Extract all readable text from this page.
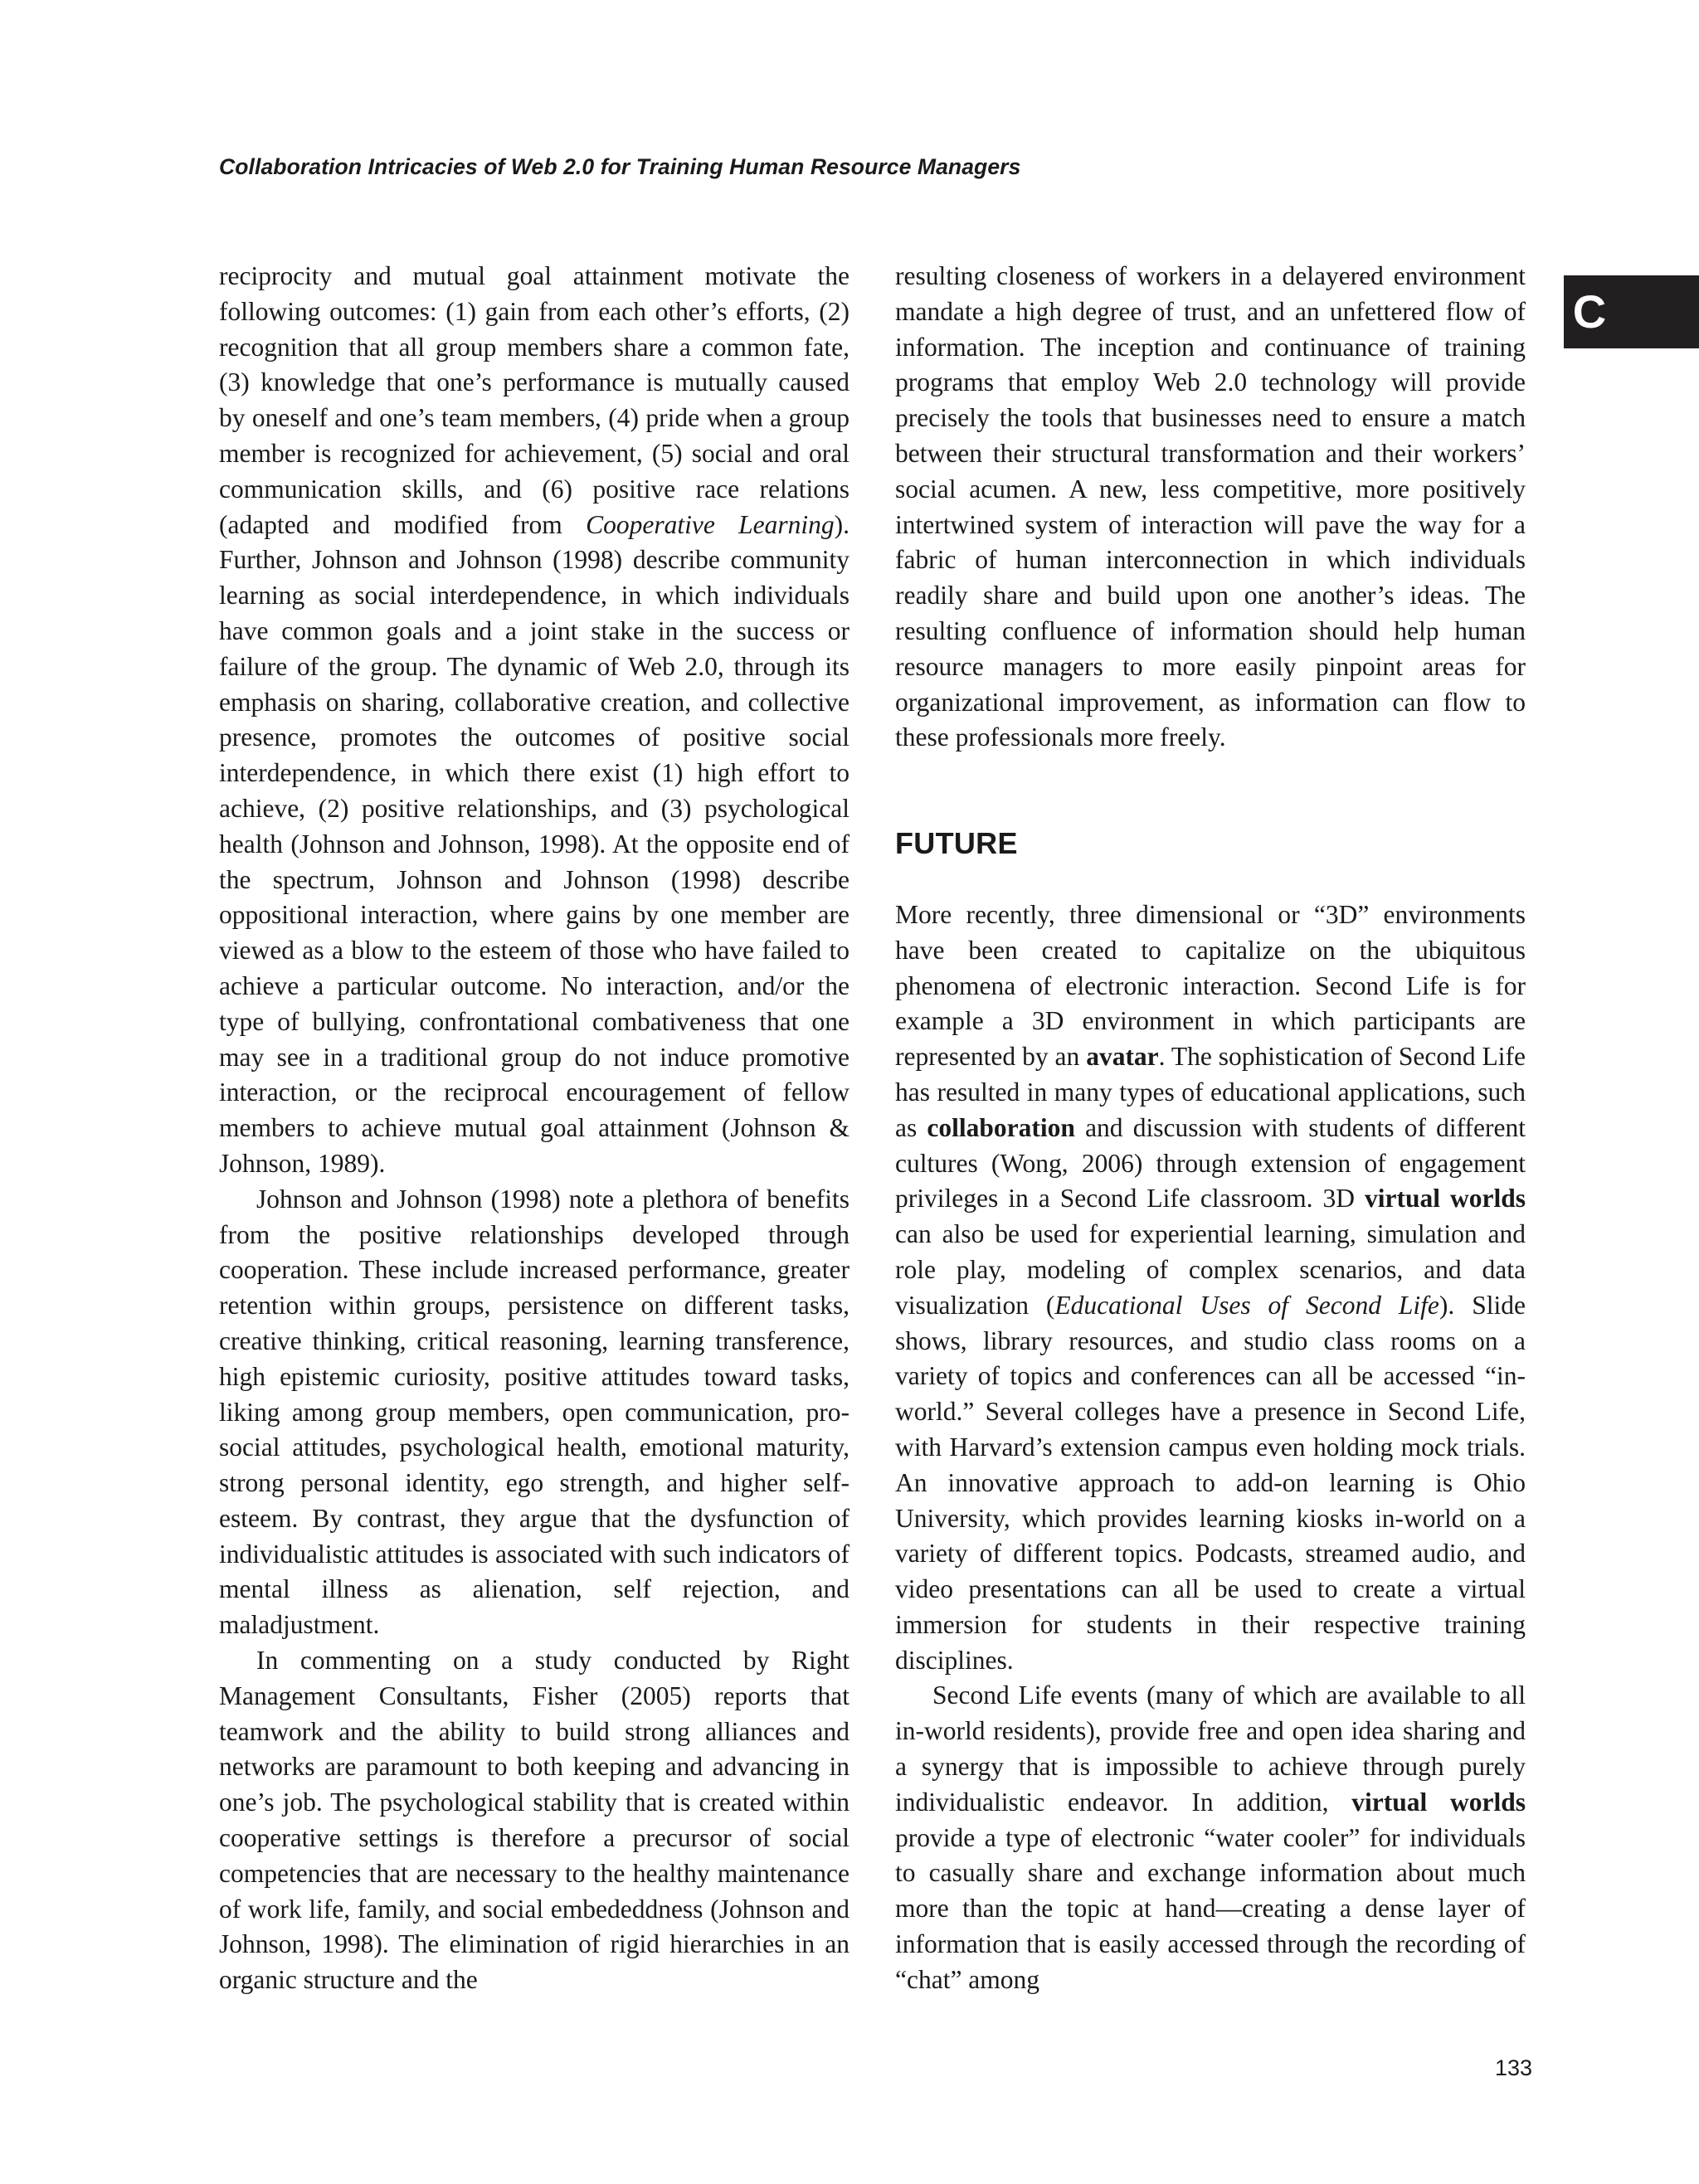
Collaboration Intricacies of Web 2.0 for Training Human Resource Managers
C

reciprocity and mutual goal attainment motivate the following outcomes: (1) gain from each other’s efforts, (2) recognition that all group members share a common fate, (3) knowledge that one’s performance is mutually caused by oneself and one’s team members, (4) pride when a group member is recognized for achievement, (5) social and oral communication skills, and (6) positive race relations (adapted and modified from Cooperative Learning). Further, Johnson and Johnson (1998) describe community learning as social interdependence, in which individuals have common goals and a joint stake in the success or failure of the group. The dynamic of Web 2.0, through its emphasis on sharing, collaborative creation, and collective presence, promotes the outcomes of positive social interdependence, in which there exist (1) high effort to achieve, (2) positive relationships, and (3) psychological health (Johnson and Johnson, 1998). At the opposite end of the spectrum, Johnson and Johnson (1998) describe oppositional interaction, where gains by one member are viewed as a blow to the esteem of those who have failed to achieve a particular outcome. No interaction, and/or the type of bullying, confrontational combativeness that one may see in a traditional group do not induce promotive interaction, or the reciprocal encouragement of fellow members to achieve mutual goal attainment (Johnson & Johnson, 1989).

Johnson and Johnson (1998) note a plethora of benefits from the positive relationships developed through cooperation. These include increased performance, greater retention within groups, persistence on different tasks, creative thinking, critical reasoning, learning transference, high epistemic curiosity, positive attitudes toward tasks, liking among group members, open communication, pro-social attitudes, psychological health, emotional maturity, strong personal identity, ego strength, and higher self-esteem. By contrast, they argue that the dysfunction of individualistic attitudes is associated with such indicators of mental illness as alienation, self rejection, and maladjustment.

In commenting on a study conducted by Right Management Consultants, Fisher (2005) reports that teamwork and the ability to build strong alliances and networks are paramount to both keeping and advancing in one’s job. The psychological stability that is created within cooperative settings is therefore a precursor of social competencies that are necessary to the healthy maintenance of work life, family, and social embededdness (Johnson and Johnson, 1998). The elimination of rigid hierarchies in an organic structure and the

resulting closeness of workers in a delayered environment mandate a high degree of trust, and an unfettered flow of information. The inception and continuance of training programs that employ Web 2.0 technology will provide precisely the tools that businesses need to ensure a match between their structural transformation and their workers’ social acumen. A new, less competitive, more positively intertwined system of interaction will pave the way for a fabric of human interconnection in which individuals readily share and build upon one another’s ideas. The resulting confluence of information should help human resource managers to more easily pinpoint areas for organizational improvement, as information can flow to these professionals more freely.

FUTURE

More recently, three dimensional or “3D” environments have been created to capitalize on the ubiquitous phenomena of electronic interaction. Second Life is for example a 3D environment in which participants are represented by an avatar. The sophistication of Second Life has resulted in many types of educational applications, such as collaboration and discussion with students of different cultures (Wong, 2006) through extension of engagement privileges in a Second Life classroom. 3D virtual worlds can also be used for experiential learning, simulation and role play, modeling of complex scenarios, and data visualization (Educational Uses of Second Life). Slide shows, library resources, and studio class rooms on a variety of topics and conferences can all be accessed “in-world.” Several colleges have a presence in Second Life, with Harvard’s extension campus even holding mock trials. An innovative approach to add-on learning is Ohio University, which provides learning kiosks in-world on a variety of different topics. Podcasts, streamed audio, and video presentations can all be used to create a virtual immersion for students in their respective training disciplines.

Second Life events (many of which are available to all in-world residents), provide free and open idea sharing and a synergy that is impossible to achieve through purely individualistic endeavor. In addition, virtual worlds provide a type of electronic “water cooler” for individuals to casually share and exchange information about much more than the topic at hand—creating a dense layer of information that is easily accessed through the recording of “chat” among

133
